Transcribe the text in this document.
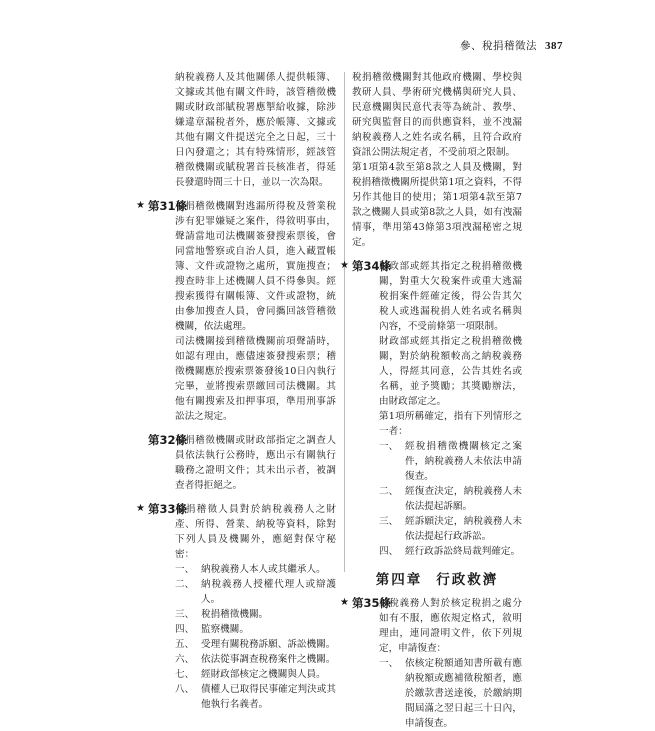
參、稅捐稽徵法 387

納稅義務人及其他關係人提供帳簿、文據或其他有關文件時，該管稽徵機關或財政部賦稅署應掣給收據，除涉嫌違章漏稅者外，應於帳簿、文據或其他有關文件提送完全之日起，三十日內發還之；其有特殊情形，經該管稽徵機關或賦稅署首長核准者，得延長發還時間三十日，並以一次為限。

★ 第31條
稅捐稽徵機關對逃漏所得稅及營業稅涉有犯罪嫌疑之案件，得敘明事由，聲請當地司法機關簽發搜索票後，會同當地警察或自治人員，進入藏置帳簿、文件或證物之處所，實施搜查；搜查時非上述機關人員不得參與。經搜索獲得有關帳簿、文件或證物，統由參加搜查人員，會同攜回該管稽徵機關，依法處理。

司法機關接到稽徵機關前項聲請時，如認有理由，應儘速簽發搜索票；稽徵機關應於搜索票簽發後10日內執行完畢，並將搜索票繳回司法機關。其他有關搜索及扣押事項，準用刑事訴訟法之規定。

第32條
稅捐稽徵機關或財政部指定之調查人員依法執行公務時，應出示有關執行職務之證明文件；其未出示者，被調查者得拒絕之。
★ 第33條
稅捐稽徵人員對於納稅義務人之財產、所得、營業、納稅等資料，除對下列人員及機關外，應絕對保守秘密：
一、 納稅義務人本人或其繼承人。
二、 納稅義務人授權代理人或辯護人。
三、 稅捐稽徵機關。
四、 監察機關。
五、 受理有關稅務訴願、訴訟機關。
六、 依法從事調查稅務案件之機關。
七、 經財政部核定之機關與人員。
八、 債權人已取得民事確定判決或其他執行名義者。

稅捐稽徵機關對其他政府機關、學校與教研人員、學術研究機構與研究人員、民意機關與民意代表等為統計、教學、研究與監督目的而供應資料，並不洩漏納稅義務人之姓名或名稱，且符合政府資訊公開法規定者，不受前項之限制。

第1項第4款至第8款之人員及機關，對稅捐稽徵機關所提供第1項之資料，不得另作其他目的使用；第1項第4款至第7款之機關人員或第8款之人員，如有洩漏情事，準用第43條第3項洩漏秘密之規定。

★ 第34條
財政部或經其指定之稅捐稽徵機關，對重大欠稅案件或重大逃漏稅捐案件經確定後，得公告其欠稅人或逃漏稅捐人姓名或名稱與內容，不受前條第一項限制。

財政部或經其指定之稅捐稽徵機關，對於納稅額較高之納稅義務人，得經其同意，公告其姓名或名稱，並予獎勵；其獎勵辦法，由財政部定之。

第1項所稱確定，指有下列情形之一者：

一、 經稅捐稽徵機關核定之案件，納稅義務人未依法申請復查。
二、 經復查決定，納稅義務人未依法提起訴願。
三、 經訴願決定，納稅義務人未依法提起行政訴訟。
四、 經行政訴訟終局裁判確定。
第四章 行政救濟
★ 第35條
納稅義務人對於核定稅捐之處分如有不服，應依規定格式，敘明理由，連同證明文件，依下列規定，申請復查：
一、 依核定稅額通知書所載有應納稅額或應補徵稅額者，應於繳款書送達後，於繳納期間屆滿之翌日起三十日內，申請復查。
